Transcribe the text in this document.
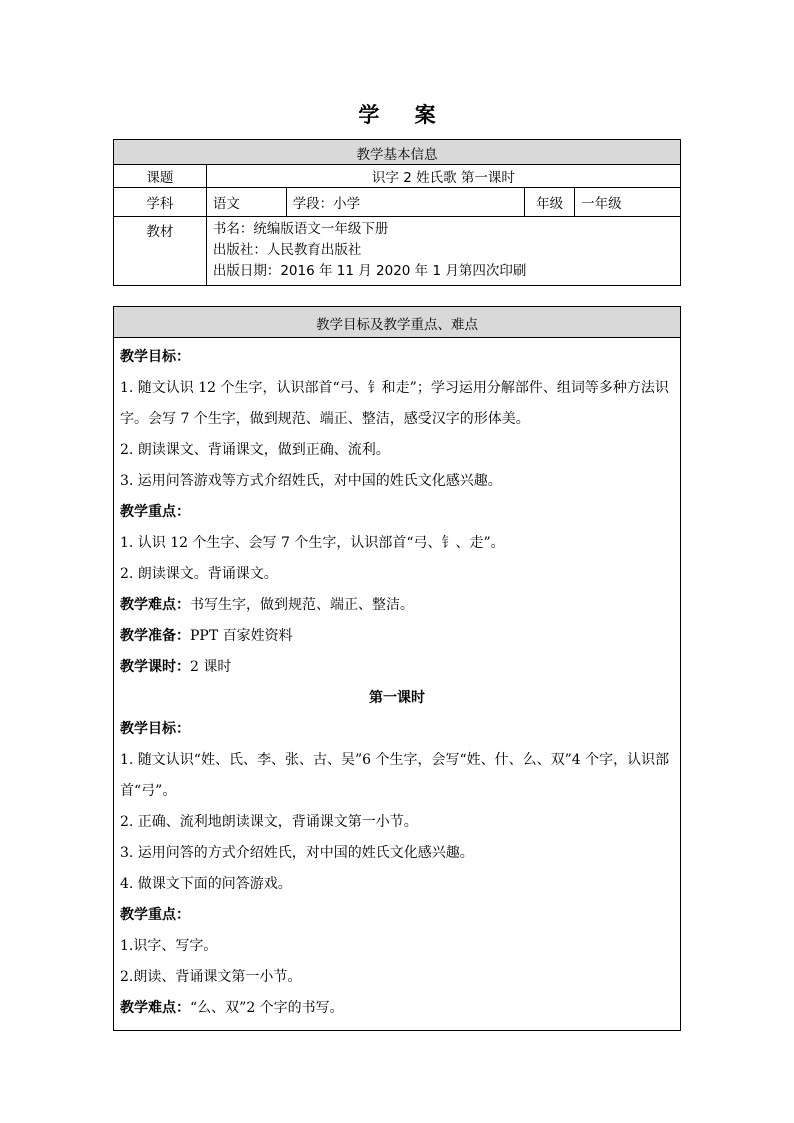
学 案
教学基本信息				
课题	识字 2 姓氏歌 第一课时			
学科	语文	学段：小学	年级	一年级
教材	书名：统编版语文一年级下册
出版社：人民教育出版社
出版日期：2016 年 11 月 2020 年 1 月第四次印刷			
教学目标及教学重点、难点

教学目标：

1. 随文认识 12 个生字，认识部首“弓、钅和走”；学习运用分解部件、组词等多种方法识字。会写 7 个生字，做到规范、端正、整洁，感受汉字的形体美。

2. 朗读课文、背诵课文，做到正确、流利。

3. 运用问答游戏等方式介绍姓氏，对中国的姓氏文化感兴趣。

教学重点：

1. 认识 12 个生字、会写 7 个生字，认识部首“弓、钅、走”。

2. 朗读课文。背诵课文。

教学难点：书写生字，做到规范、端正、整洁。

教学准备：PPT 百家姓资料

教学课时：2 课时

第一课时

教学目标：

1. 随文认识“姓、氏、李、张、古、吴”6 个生字，会写“姓、什、么、双”4 个字，认识部首“弓”。

2. 正确、流利地朗读课文，背诵课文第一小节。

3. 运用问答的方式介绍姓氏，对中国的姓氏文化感兴趣。

4. 做课文下面的问答游戏。

教学重点：

1.识字、写字。

2.朗读、背诵课文第一小节。

教学难点：“么、双”2 个字的书写。
